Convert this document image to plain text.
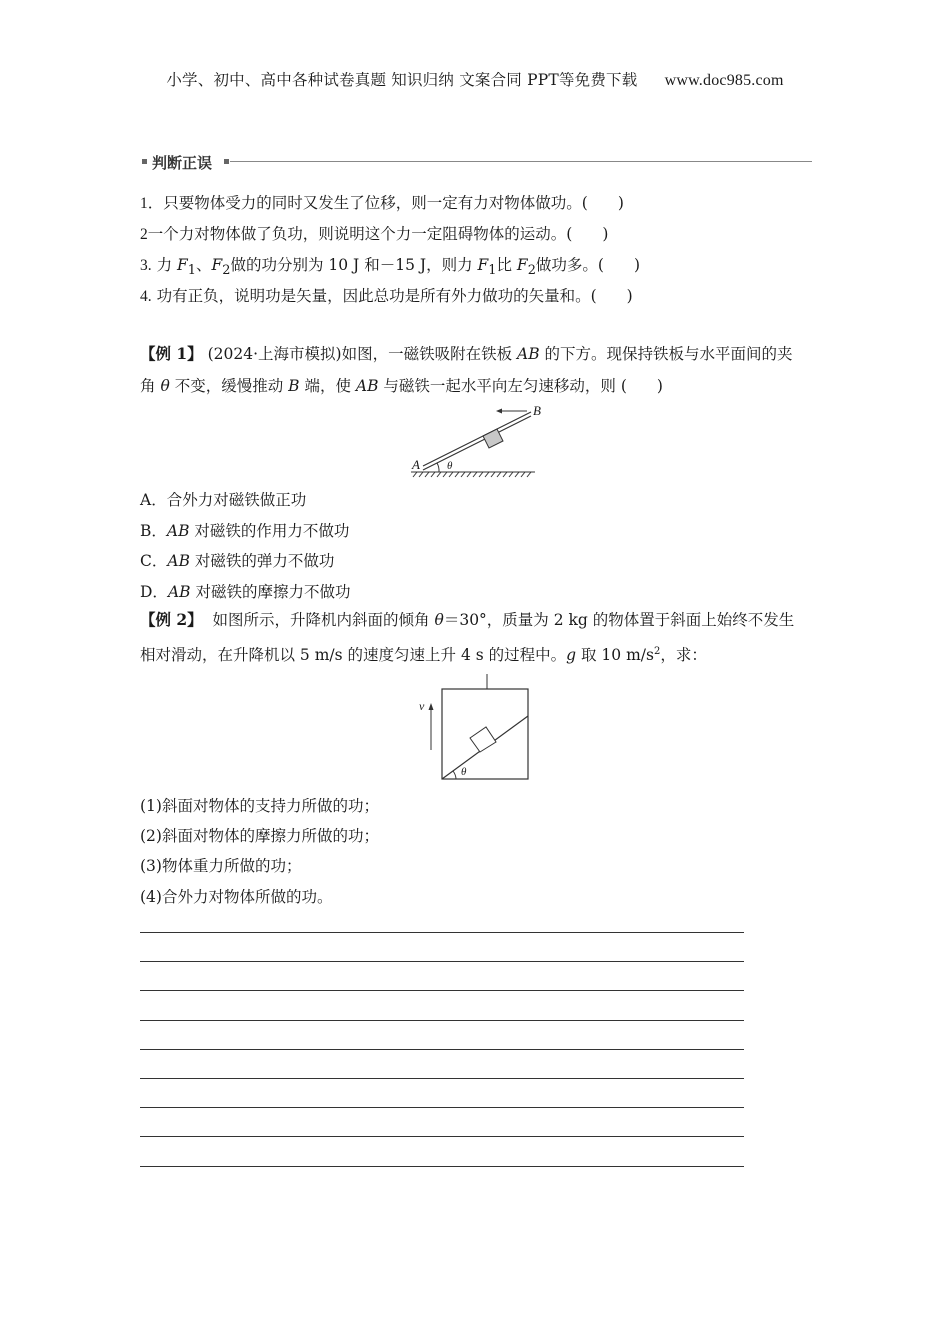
小学、初中、高中各种试卷真题 知识归纳 文案合同 PPT等免费下载 www.doc985.com
判断正误
1．只要物体受力的同时又发生了位移，则一定有力对物体做功。( )
2一个力对物体做了负功，则说明这个力一定阻碍物体的运动。( )
3. 力 $F_1$、$F_2$做的功分别为 10 J 和－15 J，则力 $F_1$比 $F_2$做功多。( )
4. 功有正负，说明功是矢量，因此总功是所有外力做功的矢量和。( )
【例 1】 (2024·上海市模拟)如图，一磁铁吸附在铁板 AB 的下方。现保持铁板与水平面间的夹
角 θ 不变，缓慢推动 B 端，使 AB 与磁铁一起水平向左匀速移动，则 ( )
B
A θ
A．合外力对磁铁做正功
B．AB 对磁铁的作用力不做功
C．AB 对磁铁的弹力不做功
D．AB 对磁铁的摩擦力不做功
【例 2】 如图所示，升降机内斜面的倾角 θ＝30°，质量为 2 kg 的物体置于斜面上始终不发生
相对滑动，在升降机以 5 m/s 的速度匀速上升 4 s 的过程中。g 取 10 $m/s^2$，求：
v
θ
(1)斜面对物体的支持力所做的功；
(2)斜面对物体的摩擦力所做的功；
(3)物体重力所做的功；
(4)合外力对物体所做的功。
